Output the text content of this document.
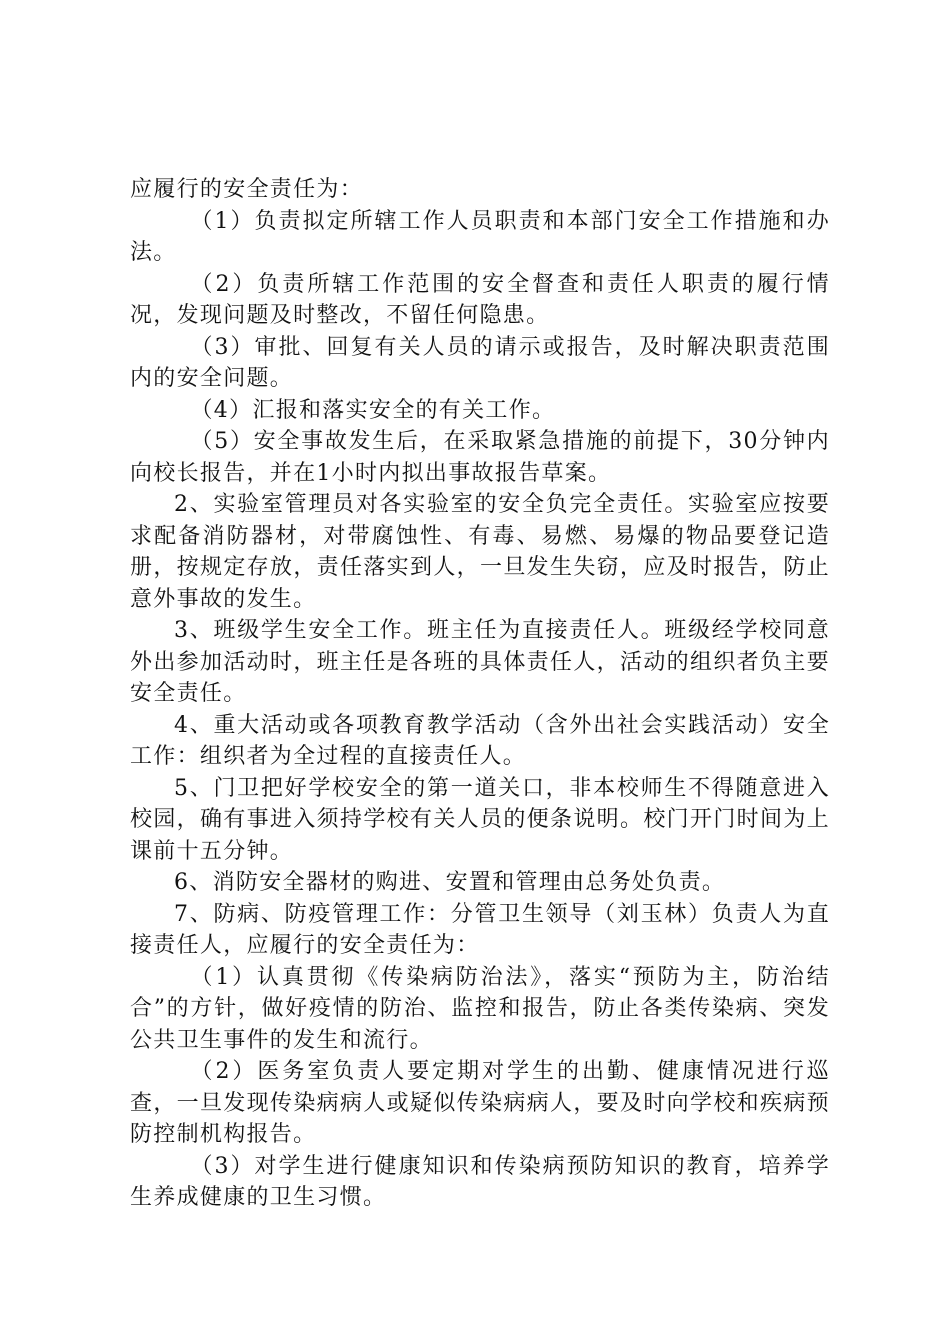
应履行的安全责任为：

（1）负责拟定所辖工作人员职责和本部门安全工作措施和办法。

（2）负责所辖工作范围的安全督查和责任人职责的履行情况，发现问题及时整改，不留任何隐患。

（3）审批、回复有关人员的请示或报告，及时解决职责范围内的安全问题。

（4）汇报和落实安全的有关工作。

（5）安全事故发生后，在采取紧急措施的前提下，30分钟内向校长报告，并在1小时内拟出事故报告草案。

2、实验室管理员对各实验室的安全负完全责任。实验室应按要求配备消防器材，对带腐蚀性、有毒、易燃、易爆的物品要登记造册，按规定存放，责任落实到人，一旦发生失窃，应及时报告，防止意外事故的发生。

3、班级学生安全工作。班主任为直接责任人。班级经学校同意外出参加活动时，班主任是各班的具体责任人，活动的组织者负主要安全责任。

4、重大活动或各项教育教学活动（含外出社会实践活动）安全工作：组织者为全过程的直接责任人。

5、门卫把好学校安全的第一道关口，非本校师生不得随意进入校园，确有事进入须持学校有关人员的便条说明。校门开门时间为上课前十五分钟。

6、消防安全器材的购进、安置和管理由总务处负责。

7、防病、防疫管理工作：分管卫生领导（刘玉林）负责人为直接责任人，应履行的安全责任为：

（1）认真贯彻《传染病防治法》，落实“预防为主，防治结合”的方针，做好疫情的防治、监控和报告，防止各类传染病、突发公共卫生事件的发生和流行。

（2）医务室负责人要定期对学生的出勤、健康情况进行巡查，一旦发现传染病病人或疑似传染病病人，要及时向学校和疾病预防控制机构报告。

（3）对学生进行健康知识和传染病预防知识的教育，培养学生养成健康的卫生习惯。
